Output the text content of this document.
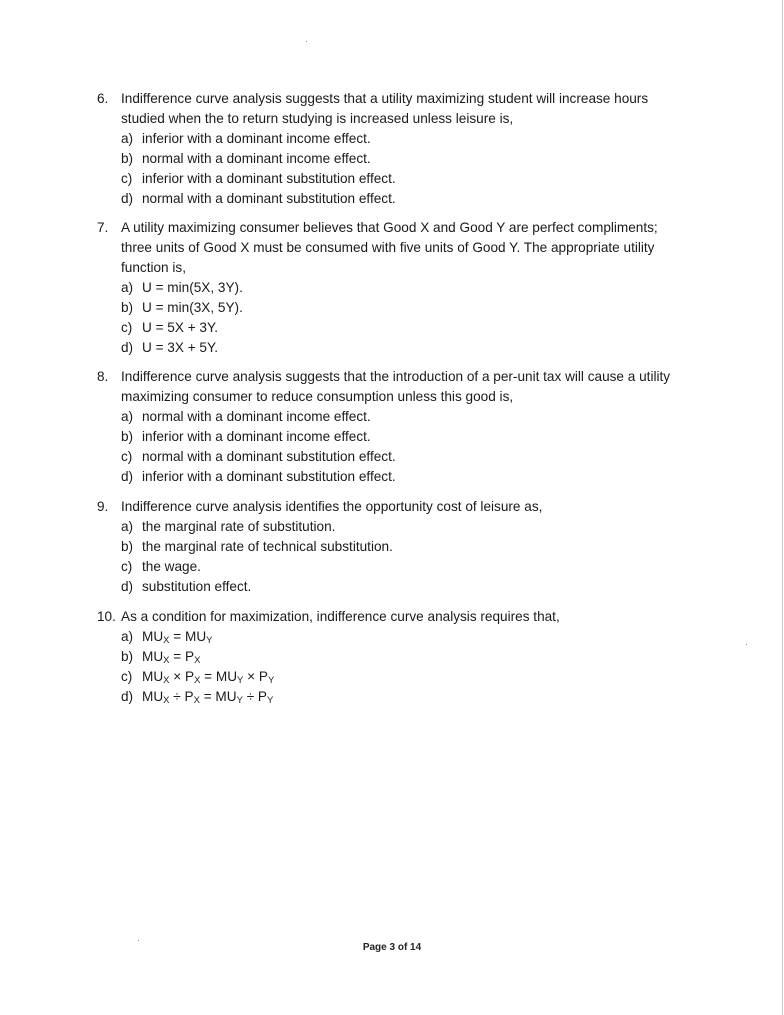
6. Indifference curve analysis suggests that a utility maximizing student will increase hours
studied when the to return studying is increased unless leisure is,
a) inferior with a dominant income effect.
b) normal with a dominant income effect.
c) inferior with a dominant substitution effect.
d) normal with a dominant substitution effect.
7. A utility maximizing consumer believes that Good X and Good Y are perfect compliments;
three units of Good X must be consumed with five units of Good Y. The appropriate utility
function is,
a) U = min(5X, 3Y).
b) U = min(3X, 5Y).
c) U = 5X + 3Y.
d) U = 3X + 5Y.
8. Indifference curve analysis suggests that the introduction of a per-unit tax will cause a utility
maximizing consumer to reduce consumption unless this good is,
a) normal with a dominant income effect.
b) inferior with a dominant income effect.
c) normal with a dominant substitution effect.
d) inferior with a dominant substitution effect.
9. Indifference curve analysis identifies the opportunity cost of leisure as,
a) the marginal rate of substitution.
b) the marginal rate of technical substitution.
c) the wage.
d) substitution effect.
10. As a condition for maximization, indifference curve analysis requires that,
a) $MU_X = MU_Y$
b) $MU_X = P_X$
c) $MU_X \times P_X = MU_Y \times P_Y$
d) $MU_X \div P_X = MU_Y \div P_Y$
Page 3 of 14
